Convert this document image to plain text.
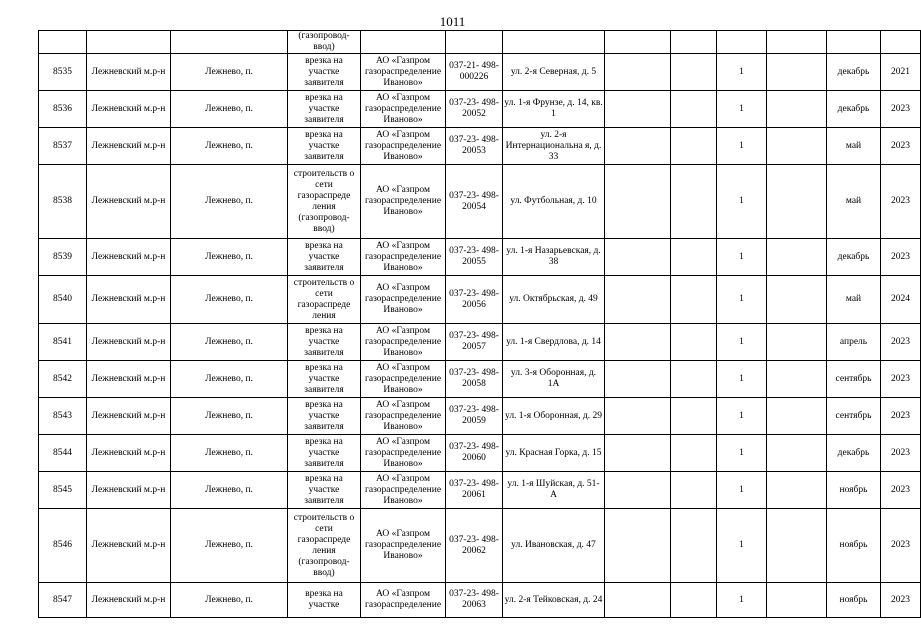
1011
			(газопровод- ввод)									
8535	Лежневский м.р-н	Лежнево, п.	врезка на участке заявителя	АО «Газпром газораспределение Иваново»	037-21- 498- 000226	ул. 2-я Северная, д. 5			1		декабрь	2021
8536	Лежневский м.р-н	Лежнево, п.	врезка на участке заявителя	АО «Газпром газораспределение Иваново»	037-23- 498-20052	ул. 1-я Фрунзе, д. 14, кв. 1			1		декабрь	2023
8537	Лежневский м.р-н	Лежнево, п.	врезка на участке заявителя	АО «Газпром газораспределение Иваново»	037-23- 498-20053	ул. 2-я Интернациональна я, д. 33			1		май	2023
8538	Лежневский м.р-н	Лежнево, п.	строительств о сети газораспреде ления (газопровод- ввод)	АО «Газпром газораспределение Иваново»	037-23- 498-20054	ул. Футбольная, д. 10			1		май	2023
8539	Лежневский м.р-н	Лежнево, п.	врезка на участке заявителя	АО «Газпром газораспределение Иваново»	037-23- 498-20055	ул. 1-я Назарьевская, д. 38			1		декабрь	2023
8540	Лежневский м.р-н	Лежнево, п.	строительств о сети газораспреде ления	АО «Газпром газораспределение Иваново»	037-23- 498-20056	ул. Октябрьская, д. 49			1		май	2024
8541	Лежневский м.р-н	Лежнево, п.	врезка на участке заявителя	АО «Газпром газораспределение Иваново»	037-23- 498-20057	ул. 1-я Свердлова, д. 14			1		апрель	2023
8542	Лежневский м.р-н	Лежнево, п.	врезка на участке заявителя	АО «Газпром газораспределение Иваново»	037-23- 498-20058	ул. 3-я Оборонная, д. 1А			1		сентябрь	2023
8543	Лежневский м.р-н	Лежнево, п.	врезка на участке заявителя	АО «Газпром газораспределение Иваново»	037-23- 498-20059	ул. 1-я Оборонная, д. 29			1		сентябрь	2023
8544	Лежневский м.р-н	Лежнево, п.	врезка на участке заявителя	АО «Газпром газораспределение Иваново»	037-23- 498-20060	ул. Красная Горка, д. 15			1		декабрь	2023
8545	Лежневский м.р-н	Лежнево, п.	врезка на участке заявителя	АО «Газпром газораспределение Иваново»	037-23- 498-20061	ул. 1-я Шуйская, д. 51-А			1		ноябрь	2023
8546	Лежневский м.р-н	Лежнево, п.	строительств о сети газораспреде ления (газопровод- ввод)	АО «Газпром газораспределение Иваново»	037-23- 498-20062	ул. Ивановская, д. 47			1		ноябрь	2023
8547	Лежневский м.р-н	Лежнево, п.	врезка на участке	АО «Газпром газораспределение	037-23- 498-20063	ул. 2-я Тейковская, д. 24			1		ноябрь	2023
